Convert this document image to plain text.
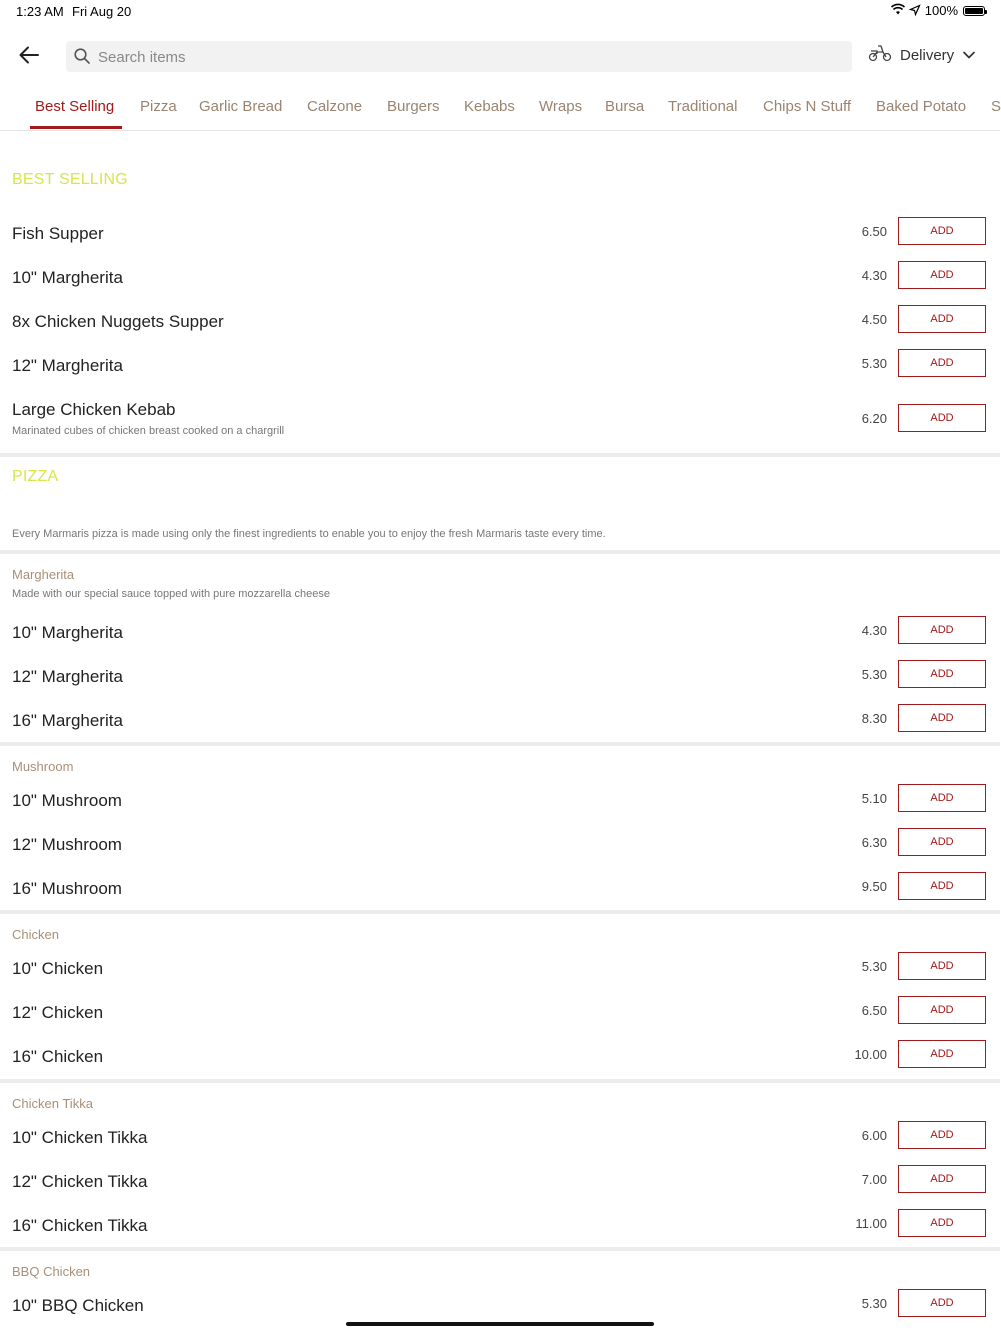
1:23 AM Fri Aug 20	100%
Search items
Delivery
Best Selling Pizza Garlic Bread Calzone Burgers Kebabs Wraps Bursa Traditional Chips N Stuff Baked Potato S
BEST SELLING
Fish Supper	6.50	ADD
10" Margherita	4.30	ADD
8x Chicken Nuggets Supper	4.50	ADD
12" Margherita	5.30	ADD
Large Chicken Kebab
Marinated cubes of chicken breast cooked on a chargrill
6.20	ADD
PIZZA
Every Marmaris pizza is made using only the finest ingredients to enable you to enjoy the fresh Marmaris taste every time.
Margherita
Made with our special sauce topped with pure mozzarella cheese
10" Margherita	4.30	ADD
12" Margherita	5.30	ADD
16" Margherita	8.30	ADD
Mushroom
10" Mushroom	5.10	ADD
12" Mushroom	6.30	ADD
16" Mushroom	9.50	ADD
Chicken
10" Chicken	5.30	ADD
12" Chicken	6.50	ADD
16" Chicken	10.00	ADD
Chicken Tikka
10" Chicken Tikka	6.00	ADD
12" Chicken Tikka	7.00	ADD
16" Chicken Tikka	11.00	ADD
BBQ Chicken
10" BBQ Chicken	5.30	ADD
